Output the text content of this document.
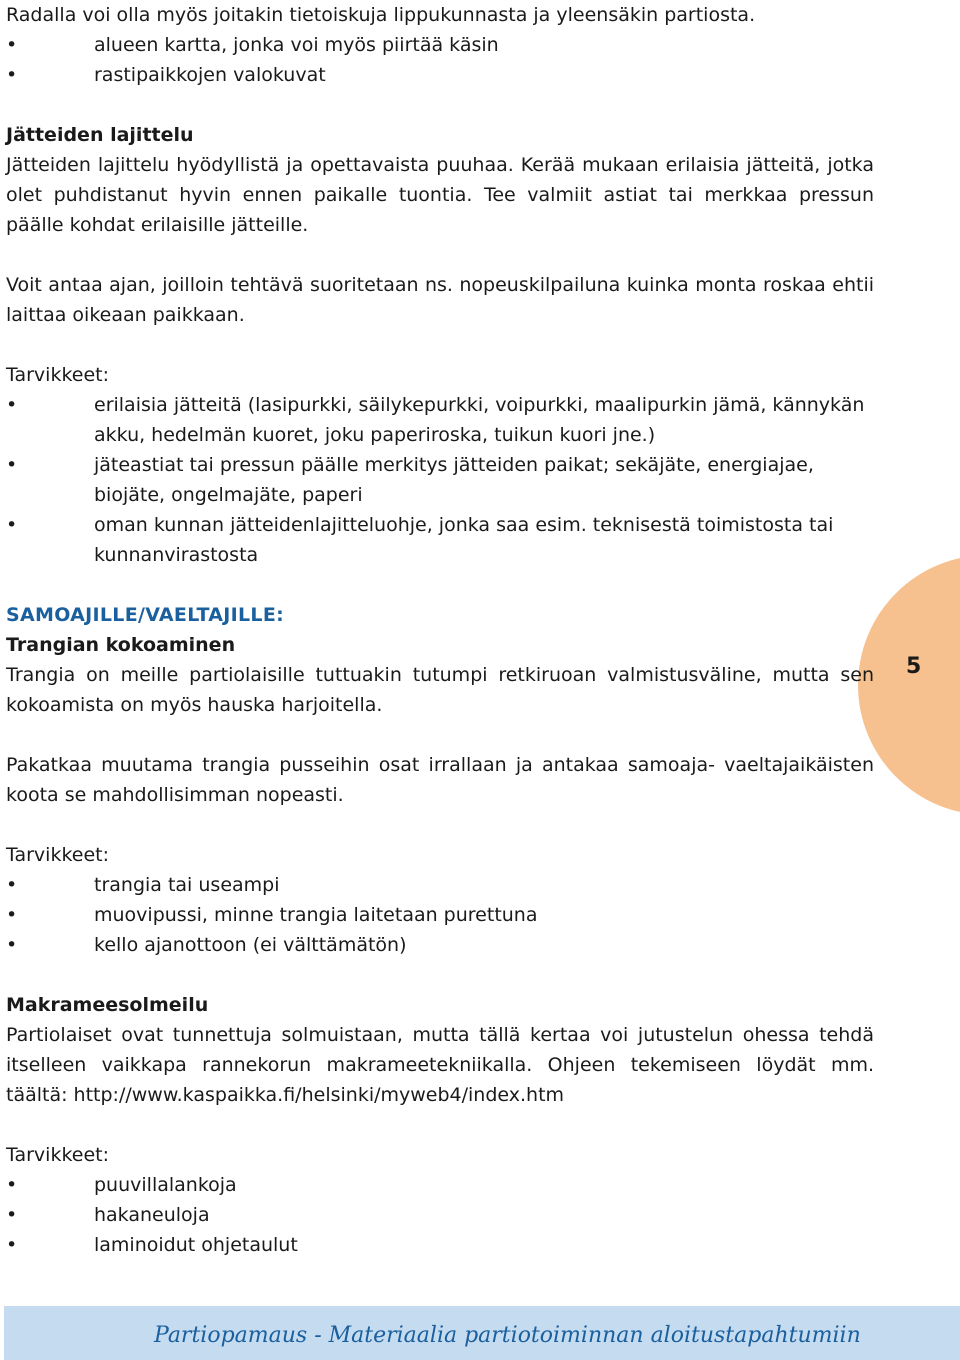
5

Radalla voi olla myös joitakin tietoiskuja lippukunnasta ja yleensäkin partiosta.

•	alueen kartta, jonka voi myös piirtää käsin
•	rastipaikkojen valokuvat
Jätteiden lajittelu

Jätteiden lajittelu hyödyllistä ja opettavaista puuhaa. Kerää mukaan erilaisia jätteitä, jotka olet puhdistanut hyvin ennen paikalle tuontia. Tee valmiit astiat tai merkkaa pressun päälle kohdat erilaisille jätteille.

Voit antaa ajan, joilloin tehtävä suoritetaan ns. nopeuskilpailuna kuinka monta roskaa ehtii laittaa oikeaan paikkaan.

Tarvikkeet:

•	erilaisia jätteitä (lasipurkki, säilykepurkki, voipurkki, maalipurkin jämä, kännykän akku, hedelmän kuoret, joku paperiroska, tuikun kuori jne.)
•	jäteastiat tai pressun päälle merkitys jätteiden paikat; sekäjäte, energiajae, biojäte, ongelmajäte, paperi
•	oman kunnan jätteidenlajitteluohje, jonka saa esim. teknisestä toimistosta tai kunnanvirastosta
SAMOAJILLE/VAELTAJILLE:
Trangian kokoaminen

Trangia on meille partiolaisille tuttuakin tutumpi retkiruoan valmistusväline, mutta sen kokoamista on myös hauska harjoitella.

Pakatkaa muutama trangia pusseihin osat irrallaan ja antakaa samoaja- vaeltajaikäisten koota se mahdollisimman nopeasti.

Tarvikkeet:

•	trangia tai useampi
•	muovipussi, minne trangia laitetaan purettuna
•	kello ajanottoon (ei välttämätön)
Makrameesolmeilu

Partiolaiset ovat tunnettuja solmuistaan, mutta tällä kertaa voi jutustelun ohessa tehdä itselleen vaikkapa rannekorun makrameetekniikalla. Ohjeen tekemiseen löydät mm. täältä: http://www.kaspaikka.fi/helsinki/myweb4/index.htm

Tarvikkeet:

•	puuvillalankoja
•	hakaneuloja
•	laminoidut ohjetaulut
Partiopamaus - Materiaalia partiotoiminnan aloitustapahtumiin
